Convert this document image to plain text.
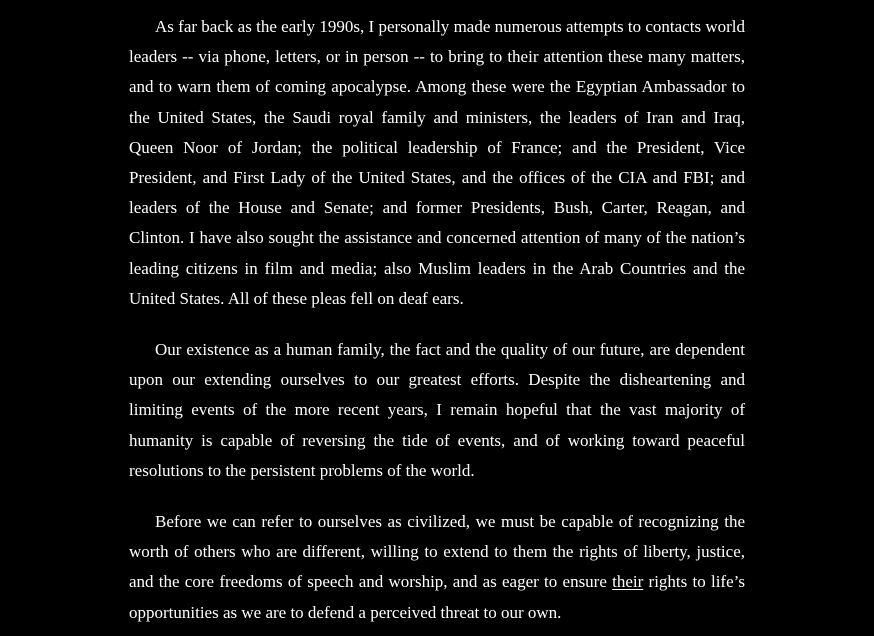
As far back as the early 1990s, I personally made numerous attempts to contacts world leaders -- via phone, letters, or in person -- to bring to their attention these many matters, and to warn them of coming apocalypse. Among these were the Egyptian Ambassador to the United States, the Saudi royal family and ministers, the leaders of Iran and Iraq, Queen Noor of Jordan; the political leadership of France; and the President, Vice President, and First Lady of the United States, and the offices of the CIA and FBI; and leaders of the House and Senate; and former Presidents, Bush, Carter, Reagan, and Clinton. I have also sought the assistance and concerned attention of many of the nation’s leading citizens in film and media; also Muslim leaders in the Arab Countries and the United States. All of these pleas fell on deaf ears.

Our existence as a human family, the fact and the quality of our future, are dependent upon our extending ourselves to our greatest efforts. Despite the disheartening and limiting events of the more recent years, I remain hopeful that the vast majority of humanity is capable of reversing the tide of events, and of working toward peaceful resolutions to the persistent problems of the world.

Before we can refer to ourselves as civilized, we must be capable of recognizing the worth of others who are different, willing to extend to them the rights of liberty, justice, and the core freedoms of speech and worship, and as eager to ensure their rights to life’s opportunities as we are to defend a perceived threat to our own.
